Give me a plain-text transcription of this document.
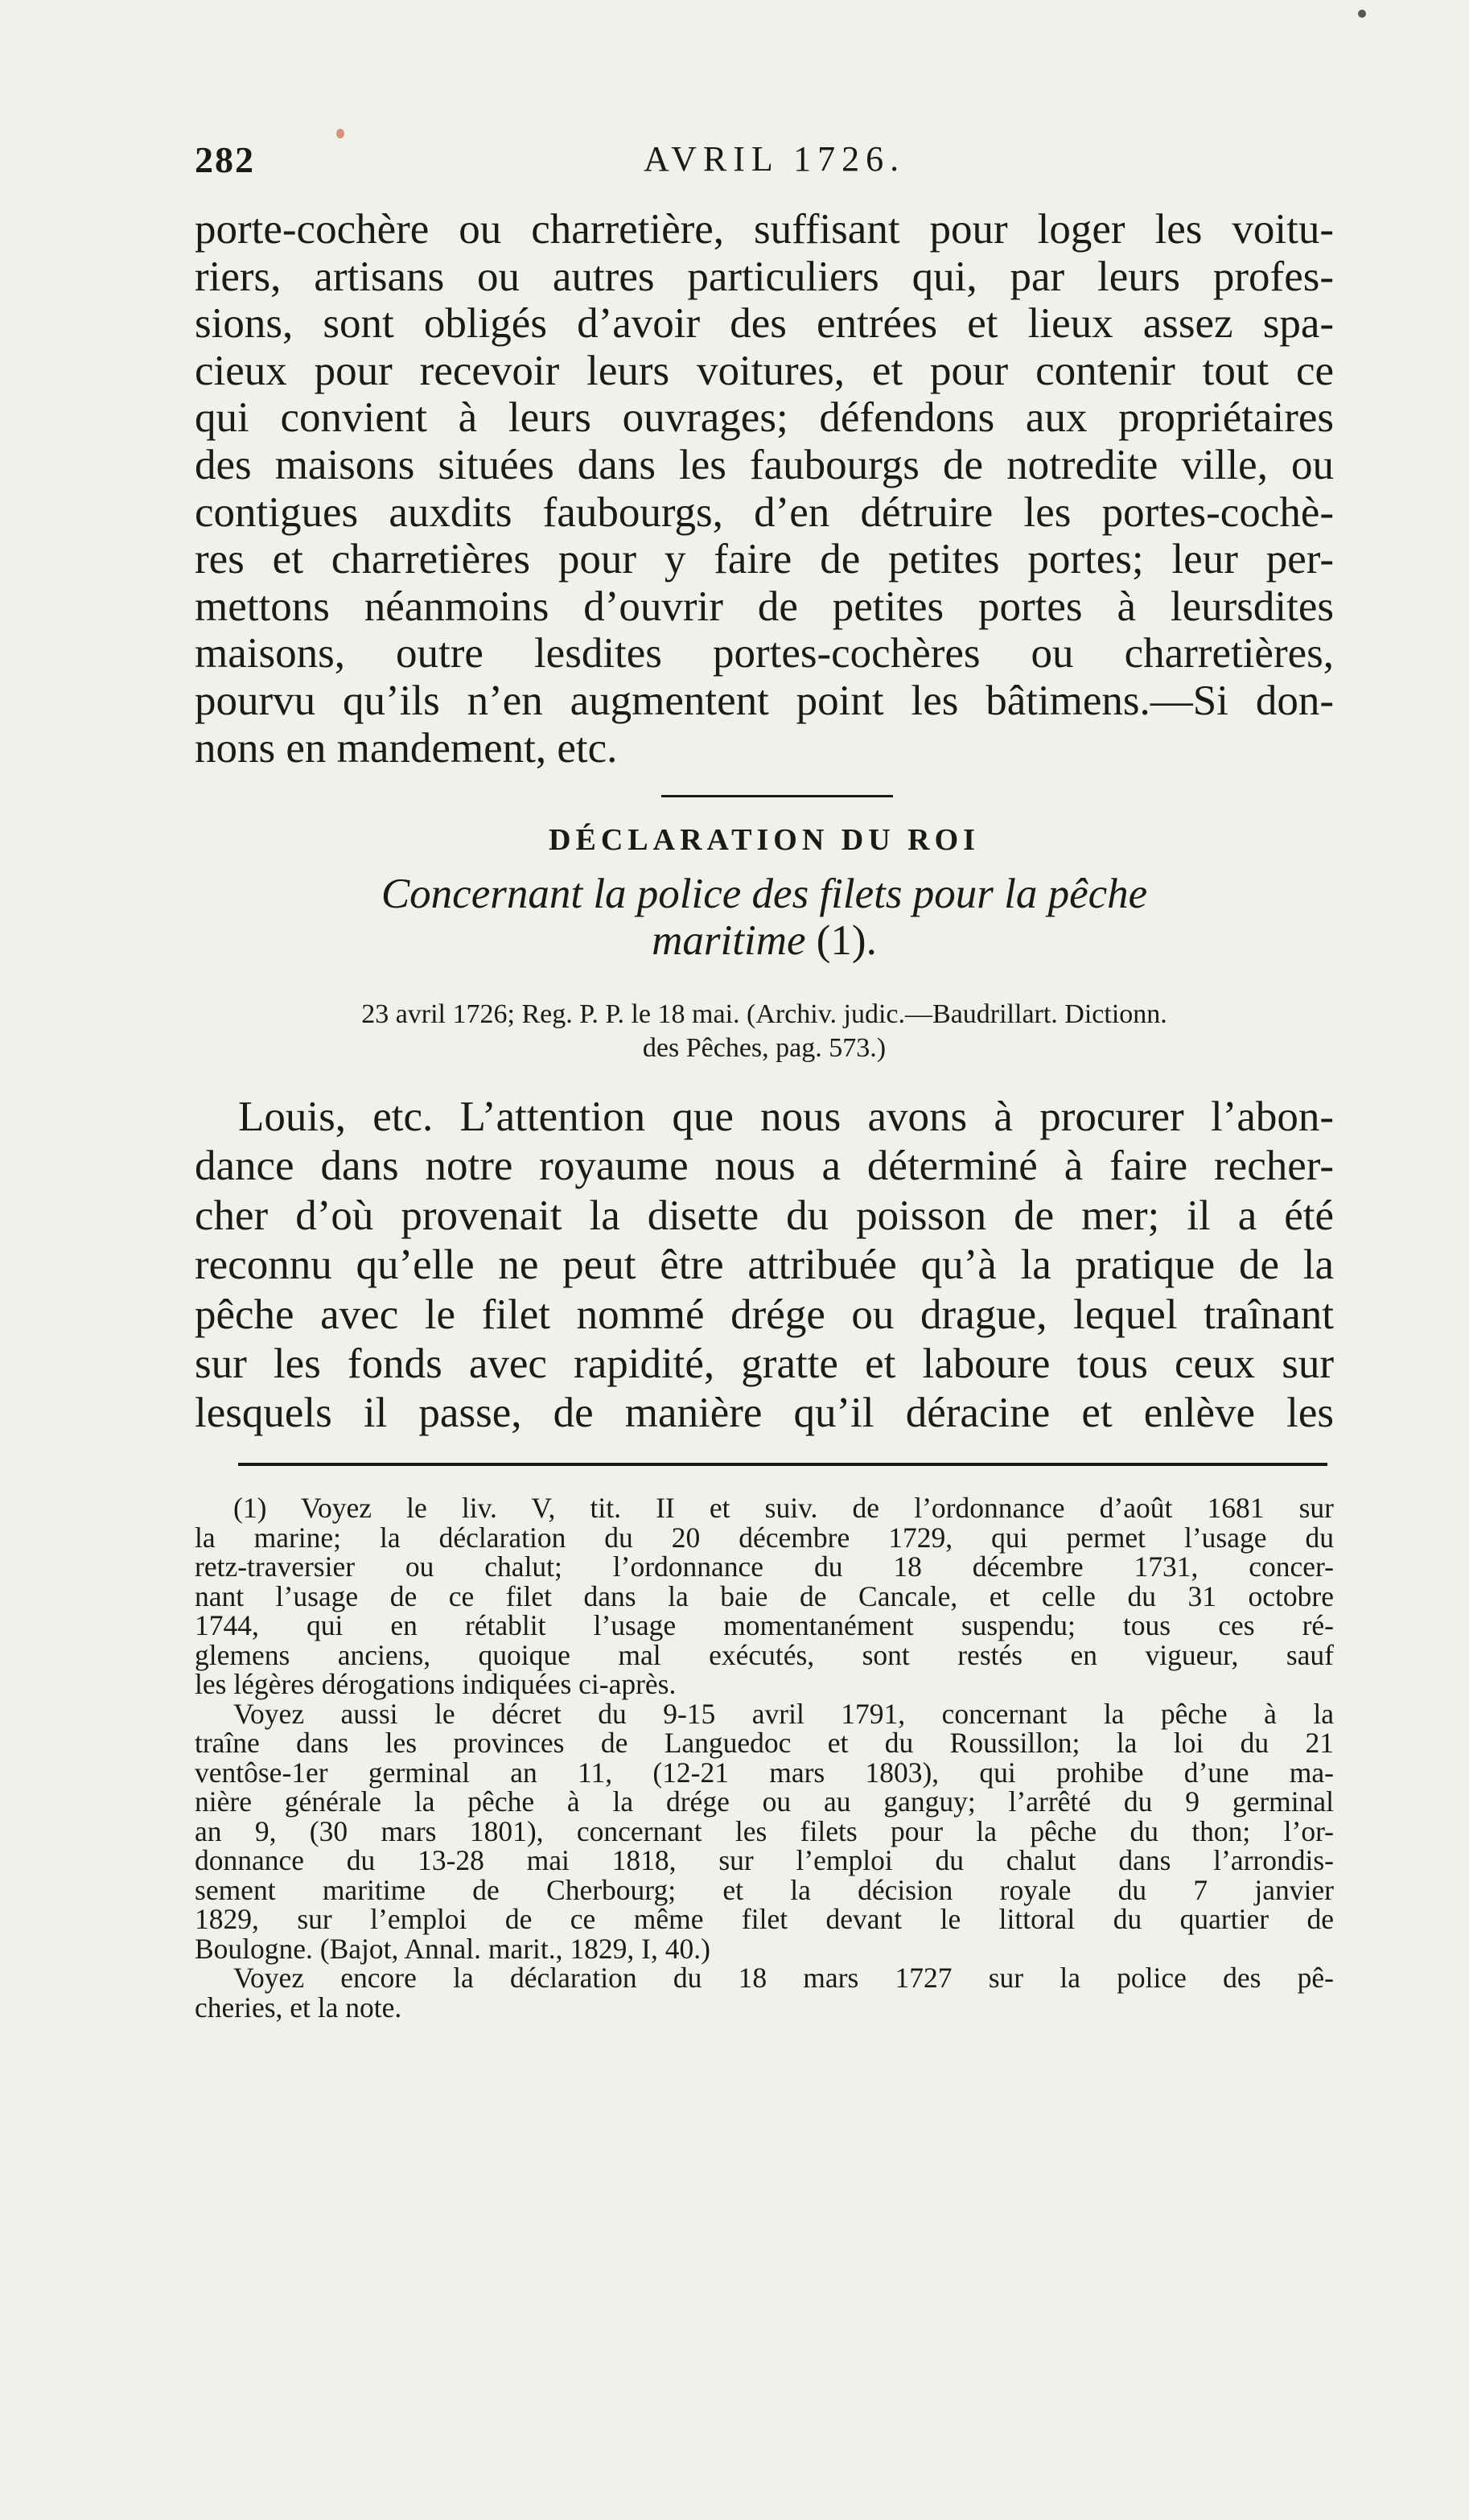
282	AVRIL 1726.
porte-cochère ou charretière, suffisant pour loger les voitu-
riers, artisans ou autres particuliers qui, par leurs profes-
sions, sont obligés d’avoir des entrées et lieux assez spa-
cieux pour recevoir leurs voitures, et pour contenir tout ce
qui convient à leurs ouvrages; défendons aux propriétaires
des maisons situées dans les faubourgs de notredite ville, ou
contigues auxdits faubourgs, d’en détruire les portes-cochè-
res et charretières pour y faire de petites portes; leur per-
mettons néanmoins d’ouvrir de petites portes à leursdites
maisons, outre lesdites portes-cochères ou charretières,
pourvu qu’ils n’en augmentent point les bâtimens.—Si don-
nons en mandement, etc.
DÉCLARATION DU ROI
Concernant la police des filets pour la pêche
maritime (1).
23 avril 1726; Reg. P. P. le 18 mai. (Archiv. judic.—Baudrillart. Dictionn.
des Pêches, pag. 573.)
Louis, etc. L’attention que nous avons à procurer l’abon-
dance dans notre royaume nous a déterminé à faire recher-
cher d’où provenait la disette du poisson de mer; il a été
reconnu qu’elle ne peut être attribuée qu’à la pratique de la
pêche avec le filet nommé drége ou drague, lequel traînant
sur les fonds avec rapidité, gratte et laboure tous ceux sur
lesquels il passe, de manière qu’il déracine et enlève les
(1) Voyez le liv. V, tit. II et suiv. de l’ordonnance d’août 1681 sur
la marine; la déclaration du 20 décembre 1729, qui permet l’usage du
retz-traversier ou chalut; l’ordonnance du 18 décembre 1731, concer-
nant l’usage de ce filet dans la baie de Cancale, et celle du 31 octobre
1744, qui en rétablit l’usage momentanément suspendu; tous ces ré-
glemens anciens, quoique mal exécutés, sont restés en vigueur, sauf
les légères dérogations indiquées ci-après.
Voyez aussi le décret du 9-15 avril 1791, concernant la pêche à la
traîne dans les provinces de Languedoc et du Roussillon; la loi du 21
ventôse-1er germinal an 11, (12-21 mars 1803), qui prohibe d’une ma-
nière générale la pêche à la drége ou au ganguy; l’arrêté du 9 germinal
an 9, (30 mars 1801), concernant les filets pour la pêche du thon; l’or-
donnance du 13-28 mai 1818, sur l’emploi du chalut dans l’arrondis-
sement maritime de Cherbourg; et la décision royale du 7 janvier
1829, sur l’emploi de ce même filet devant le littoral du quartier de
Boulogne. (Bajot, Annal. marit., 1829, I, 40.)
Voyez encore la déclaration du 18 mars 1727 sur la police des pê-
cheries, et la note.
